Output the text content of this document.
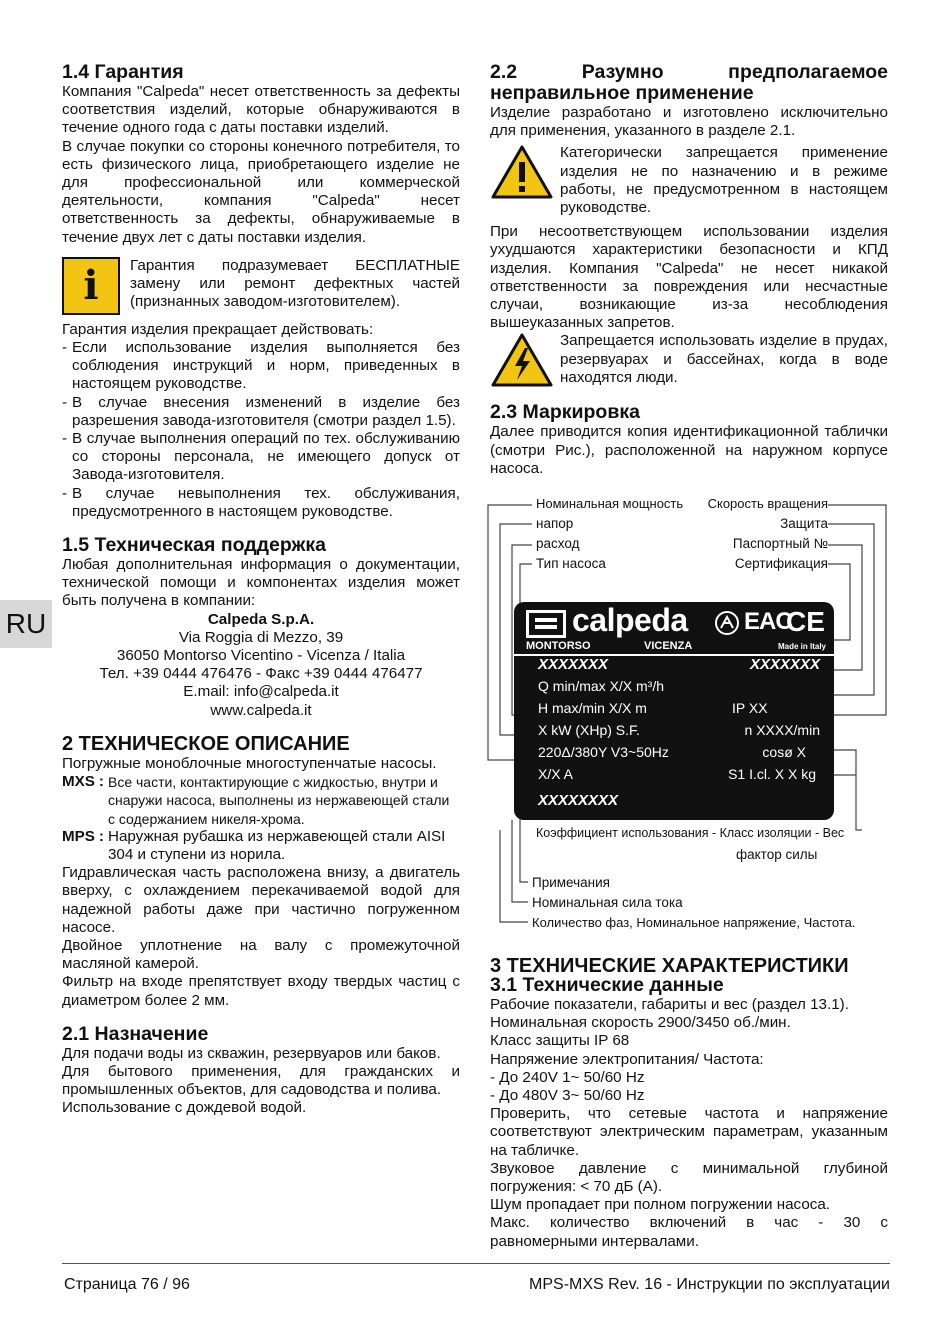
RU
1.4 Гарантия

Компания "Calpeda" несет ответственность за дефекты соответствия изделий, которые обнаруживаются в течение одного года с даты поставки изделий.

В случае покупки со стороны конечного потребителя, то есть физического лица, приобретающего изделие не для профессиональной или коммерческой деятельности, компания "Calpeda" несет ответственность за дефекты, обнаруживаемые в течение двух лет с даты поставки изделия.

i	Гарантия подразумевает БЕСПЛАТНЫЕ замену или ремонт дефектных частей (признанных заводом-изготовителем).

Гарантия изделия прекращает действовать:

- Если использование изделия выполняется без соблюдения инструкций и норм, приведенных в настоящем руководстве.
- В случае внесения изменений в изделие без разрешения завода-изготовителя (смотри раздел 1.5).
- В случае выполнения операций по тех. обслуживанию со стороны персонала, не имеющего допуск от Завода-изготовителя.
- В случае невыполнения тех. обслуживания, предусмотренного в настоящем руководстве.
1.5 Техническая поддержка

Любая дополнительная информация о документации, технической помощи и компонентах изделия может быть получена в компании:

Calpeda S.p.A.
Via Roggia di Mezzo, 39
36050 Montorso Vicentino - Vicenza / Italia
Тел. +39 0444 476476 - Факс +39 0444 476477
E.mail: info@calpeda.it
www.calpeda.it
2 ТЕХНИЧЕСКОЕ ОПИСАНИЕ

Погружные моноблочные многоступенчатые насосы.

MXS : Все части, контактирующие с жидкостью, внутри и снаружи насоса, выполнены из нержавеющей стали с содержанием никеля-хрома.
MPS : Наружная рубашка из нержавеющей стали AISI 304 и ступени из норила.

Гидравлическая часть расположена внизу, а двигатель вверху, с охлаждением перекачиваемой водой для надежной работы даже при частично погруженном насосе.

Двойное уплотнение на валу с промежуточной масляной камерой.

Фильтр на входе препятствует входу твердых частиц с диаметром более 2 мм.

2.1 Назначение

Для подачи воды из скважин, резервуаров или баков.

Для бытового применения, для гражданских и промышленных объектов, для садоводства и полива.

Использование с дождевой водой.

2.2 Разумно предполагаемое неправильное применение

Изделие разработано и изготовлено исключительно для применения, указанного в разделе 2.1.

Категорически запрещается применение изделия не по назначению и в режиме работы, не предусмотренном в настоящем руководстве.

При несоответствующем использовании изделия ухудшаются характеристики безопасности и КПД изделия. Компания "Calpeda" не несет никакой ответственности за повреждения или несчастные случаи, возникающие из-за несоблюдения вышеуказанных запретов.

Запрещается использовать изделие в прудах, резервуарах и бассейнах, когда в воде находятся люди.

2.3 Маркировка

Далее приводится копия идентификационной таблички (смотри Рис.), расположенной на наружном корпусе насоса.

Номинальная мощность
напор
расход
Тип насоса
Скорость вращения
Защита
Паспортный №
Сертификация
calpeda
MONTORSO	VICENZA	Made in Italy
EAC
CE
XXXXXXX	XXXXXXX
Q min/max X/X m³/h
H max/min X/X m	IP XX
X kW (XHp) S.F.	n XXXX/min
220Δ/380Y V3~50Hz	cosø X
X/X A	S1 I.cl. X X kg
XXXXXXXX
Коэффициент использования - Класс изоляции - Вес
фактор силы
Примечания
Номинальная сила тока
Количество фаз, Номинальное напряжение, Частота.
3 ТЕХНИЧЕСКИЕ ХАРАКТЕРИСТИКИ
3.1 Технические данные
Рабочие показатели, габариты и вес (раздел 13.1).
Номинальная скорость 2900/3450 об./мин.
Класс защиты IP 68
Напряжение электропитания/ Частота:
- До 240V 1~ 50/60 Hz
- До 480V 3~ 50/60 Hz

Проверить, что сетевые частота и напряжение соответствуют электрическим параметрам, указанным на табличке.

Звуковое давление с минимальной глубиной погружения: < 70 дБ (А).

Шум пропадает при полном погружении насоса.

Макс. количество включений в час - 30 с равномерными интервалами.

Страница 76 / 96	MPS-MXS Rev. 16 - Инструкции по эксплуатации
